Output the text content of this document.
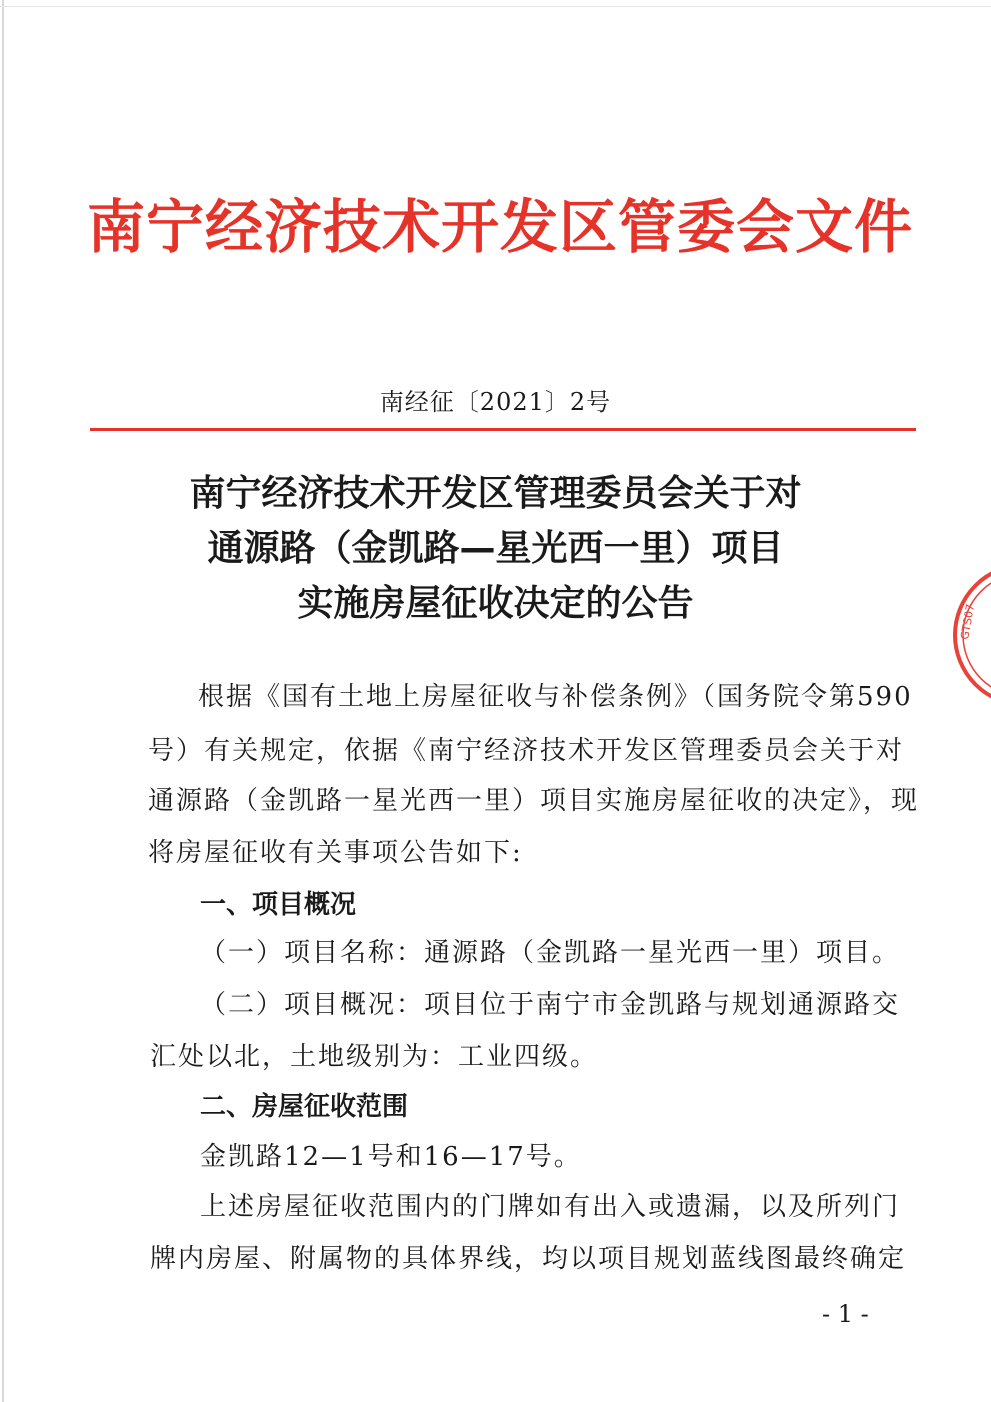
南宁经济技术开发区管委会文件
南经征〔2021〕2号
南宁经济技术开发区管理委员会关于对
通源路（金凯路—星光西一里）项目
实施房屋征收决定的公告
根据《国有土地上房屋征收与补偿条例》（国务院令第590
号）有关规定，依据《南宁经济技术开发区管理委员会关于对
通源路（金凯路一星光西一里）项目实施房屋征收的决定》，现
将房屋征收有关事项公告如下:
一、项目概况
（一）项目名称：通源路（金凯路一星光西一里）项目。
（二）项目概况：项目位于南宁市金凯路与规划通源路交
汇处以北，土地级别为：工业四级。
二、房屋征收范围
金凯路12—1号和16—17号。
上述房屋征收范围内的门牌如有出入或遗漏，以及所列门
牌内房屋、附属物的具体界线，均以项目规划蓝线图最终确定
- 1 -
GTS07
